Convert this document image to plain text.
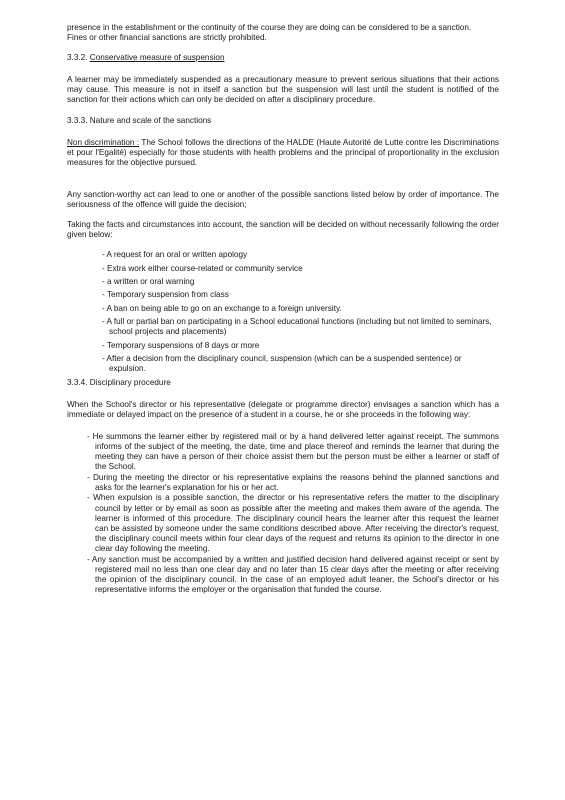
presence in the establishment or the continuity of the course they are doing can be considered to be a sanction.

Fines or other financial sanctions are strictly prohibited.

3.3.2. Conservative measure of suspension

A learner may be immediately suspended as a precautionary measure to prevent serious situations that their actions may cause. This measure is not in itself a sanction but the suspension will last until the student is notified of the sanction for their actions which can only be decided on after a disciplinary procedure.

3.3.3. Nature and scale of the sanctions

Non discrimination : The School follows the directions of the HALDE (Haute Autorité de Lutte contre les Discriminations et pour l'Egalité) especially for those students with health problems and the principal of proportionality in the exclusion measures for the objective pursued.

Any sanction-worthy act can lead to one or another of the possible sanctions listed below by order of importance. The seriousness of the offence will guide the decision;

Taking the facts and circumstances into account, the sanction will be decided on without necessarily following the order given below:

- A request for an oral or written apology
- Extra work either course-related or community service
- a written or oral warning
- Temporary suspension from class
- A ban on being able to go on an exchange to a foreign university.
- A full or partial ban on participating in a School educational functions (including but not limited to seminars, school projects and placements)
- Temporary suspensions of 8 days or more
- After a decision from the disciplinary council, suspension (which can be a suspended sentence) or expulsion.

3.3.4. Disciplinary procedure

When the School's director or his representative (delegate or programme director) envisages a sanction which has a immediate or delayed impact on the presence of a student in a course, he or she proceeds in the following way:

- He summons the learner either by registered mail or by a hand delivered letter against receipt. The summons informs of the subject of the meeting, the date, time and place thereof and reminds the learner that during the meeting they can have a person of their choice assist them but the person must be either a learner or staff of the School.
- During the meeting the director or his representative explains the reasons behind the planned sanctions and asks for the learner's explanation for his or her act.
- When expulsion is a possible sanction, the director or his representative refers the matter to the disciplinary council by letter or by email as soon as possible after the meeting and makes them aware of the agenda. The learner is informed of this procedure. The disciplinary council hears the learner after this request the learner can be assisted by someone under the same conditions described above. After receiving the director's request, the disciplinary council meets within four clear days of the request and returns its opinion to the director in one clear day following the meeting.
- Any sanction must be accompanied by a written and justified decision hand delivered against receipt or sent by registered mail no less than one clear day and no later than 15 clear days after the meeting or after receiving the opinion of the disciplinary council. In the case of an employed adult leaner, the School's director or his representative informs the employer or the organisation that funded the course.
